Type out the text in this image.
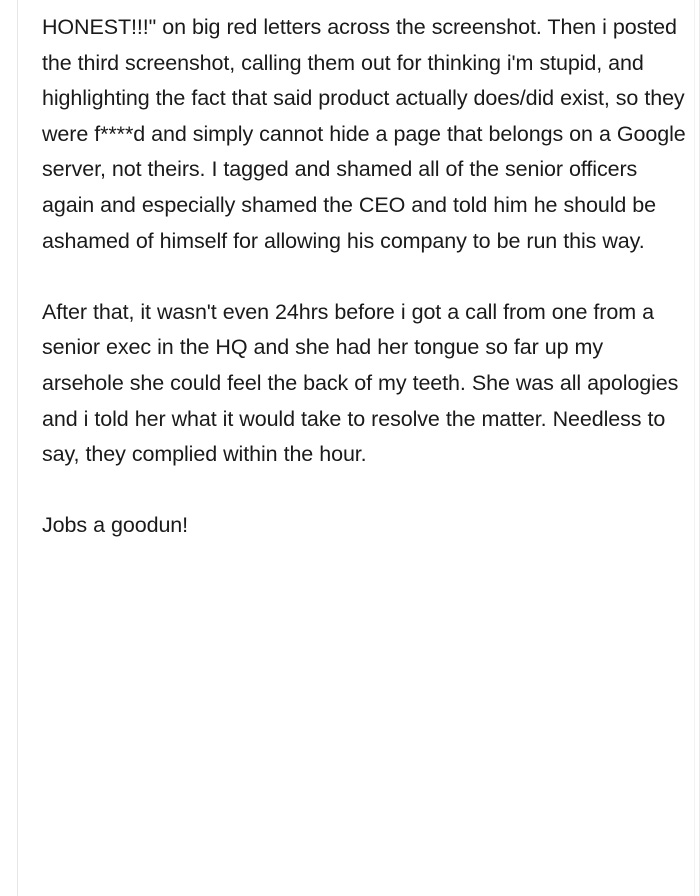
HONEST!!!" on big red letters across the screenshot. Then i posted the third screenshot, calling them out for thinking i'm stupid, and highlighting the fact that said product actually does/did exist, so they were f****d and simply cannot hide a page that belongs on a Google server, not theirs. I tagged and shamed all of the senior officers again and especially shamed the CEO and told him he should be ashamed of himself for allowing his company to be run this way.

After that, it wasn't even 24hrs before i got a call from one from a senior exec in the HQ and she had her tongue so far up my arsehole she could feel the back of my teeth. She was all apologies and i told her what it would take to resolve the matter. Needless to say, they complied within the hour.

Jobs a goodun!
